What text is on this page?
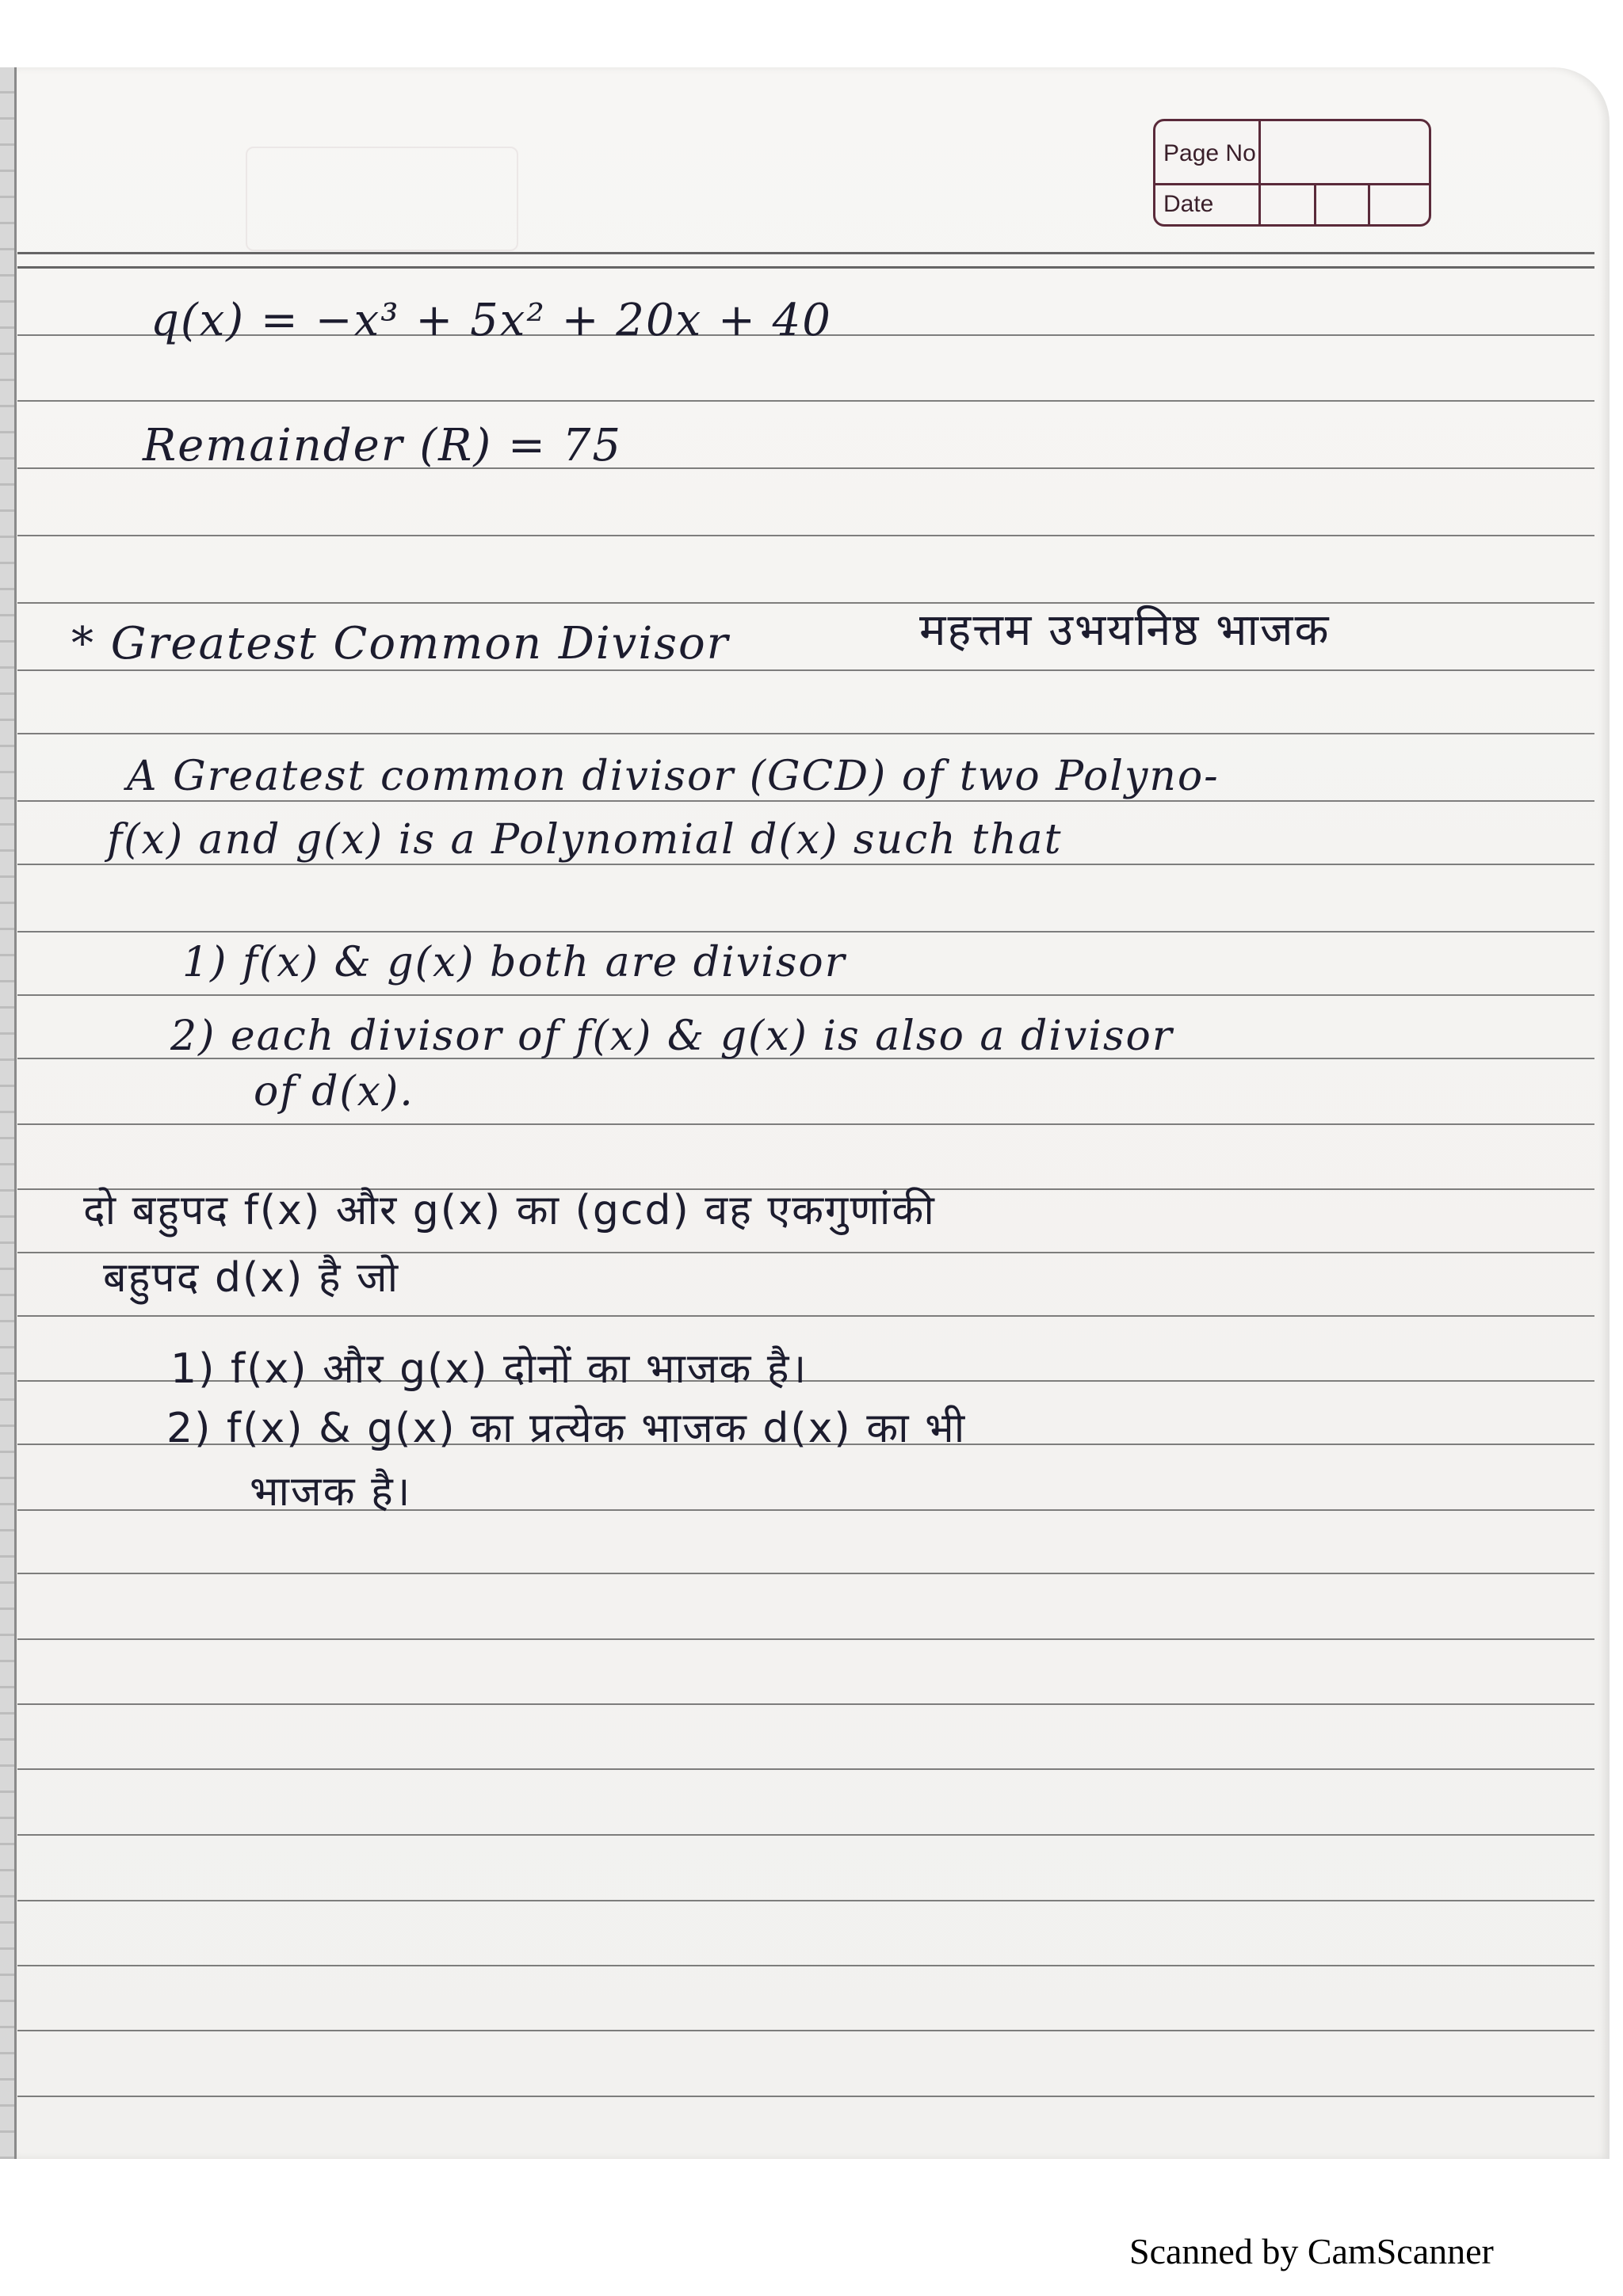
Page No
Date
q(x) = −x³ + 5x² + 20x + 40
Remainder (R) = 75
* Greatest Common Divisor	महत्तम उभयनिष्ठ भाजक
A Greatest common divisor (GCD) of two Polyno-
f(x) and g(x) is a Polynomial d(x) such that
1) f(x) & g(x) both are divisor
2) each divisor of f(x) & g(x) is also a divisor
of d(x).
दो बहुपद f(x) और g(x) का (gcd) वह एकगुणांकी
बहुपद d(x) है जो
1) f(x) और g(x) दोनों का भाजक है।
2) f(x) & g(x) का प्रत्येक भाजक d(x) का भी
भाजक है।
Scanned by CamScanner
